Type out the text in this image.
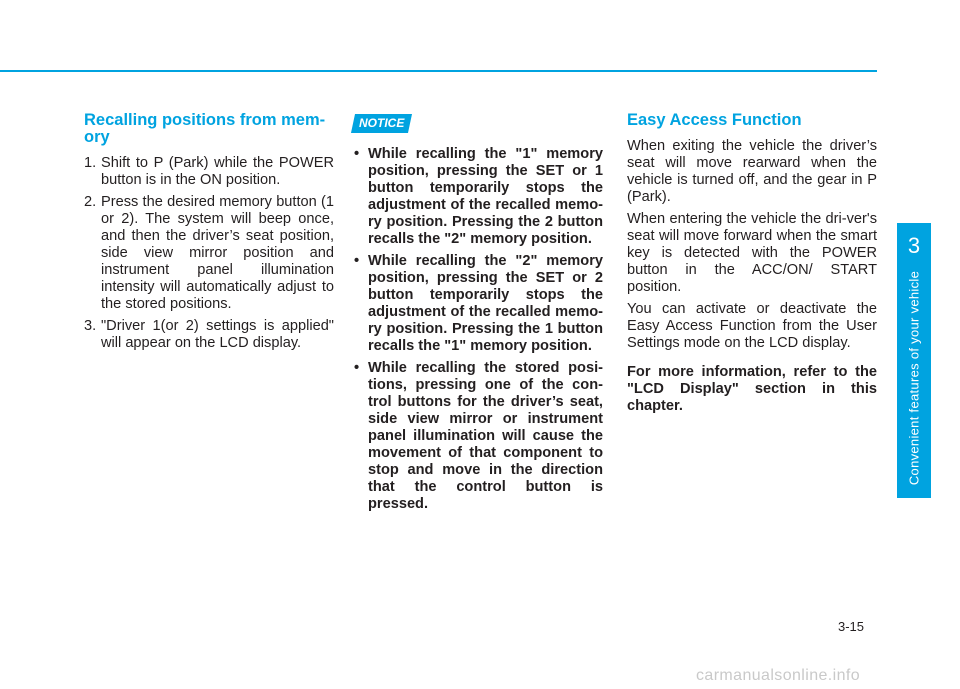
Recalling positions from mem-ory
1. Shift to P (Park) while the POWER button is in the ON position.
2. Press the desired memory button (1 or 2). The system will beep once, and then the driver’s seat position, side view mirror position and instrument panel illumination intensity will automatically adjust to the stored positions.
3. "Driver 1(or 2) settings is applied" will appear on the LCD display.
NOTICE
• While recalling the "1" memory position, pressing the SET or 1 button temporarily stops the adjustment of the recalled memo-ry position. Pressing the 2 button recalls the "2" memory position.
• While recalling the "2" memory position, pressing the SET or 2 button temporarily stops the adjustment of the recalled memo-ry position. Pressing the 1 button recalls the "1" memory position.
• While recalling the stored posi-tions, pressing one of the con-trol buttons for the driver’s seat, side view mirror or instrument panel illumination will cause the movement of that component to stop and move in the direction that the control button is pressed.
Easy Access Function

When exiting the vehicle the driver’s seat will move rearward when the vehicle is turned off, and the gear in P (Park).

When entering the vehicle the dri-ver's seat will move forward when the smart key is detected with the POWER button in the ACC/ON/ START position.

You can activate or deactivate the Easy Access Function from the User Settings mode on the LCD display.

For more information, refer to the "LCD Display" section in this chapter.

3
Convenient features of your vehicle
3-15
carmanualsonline.info
